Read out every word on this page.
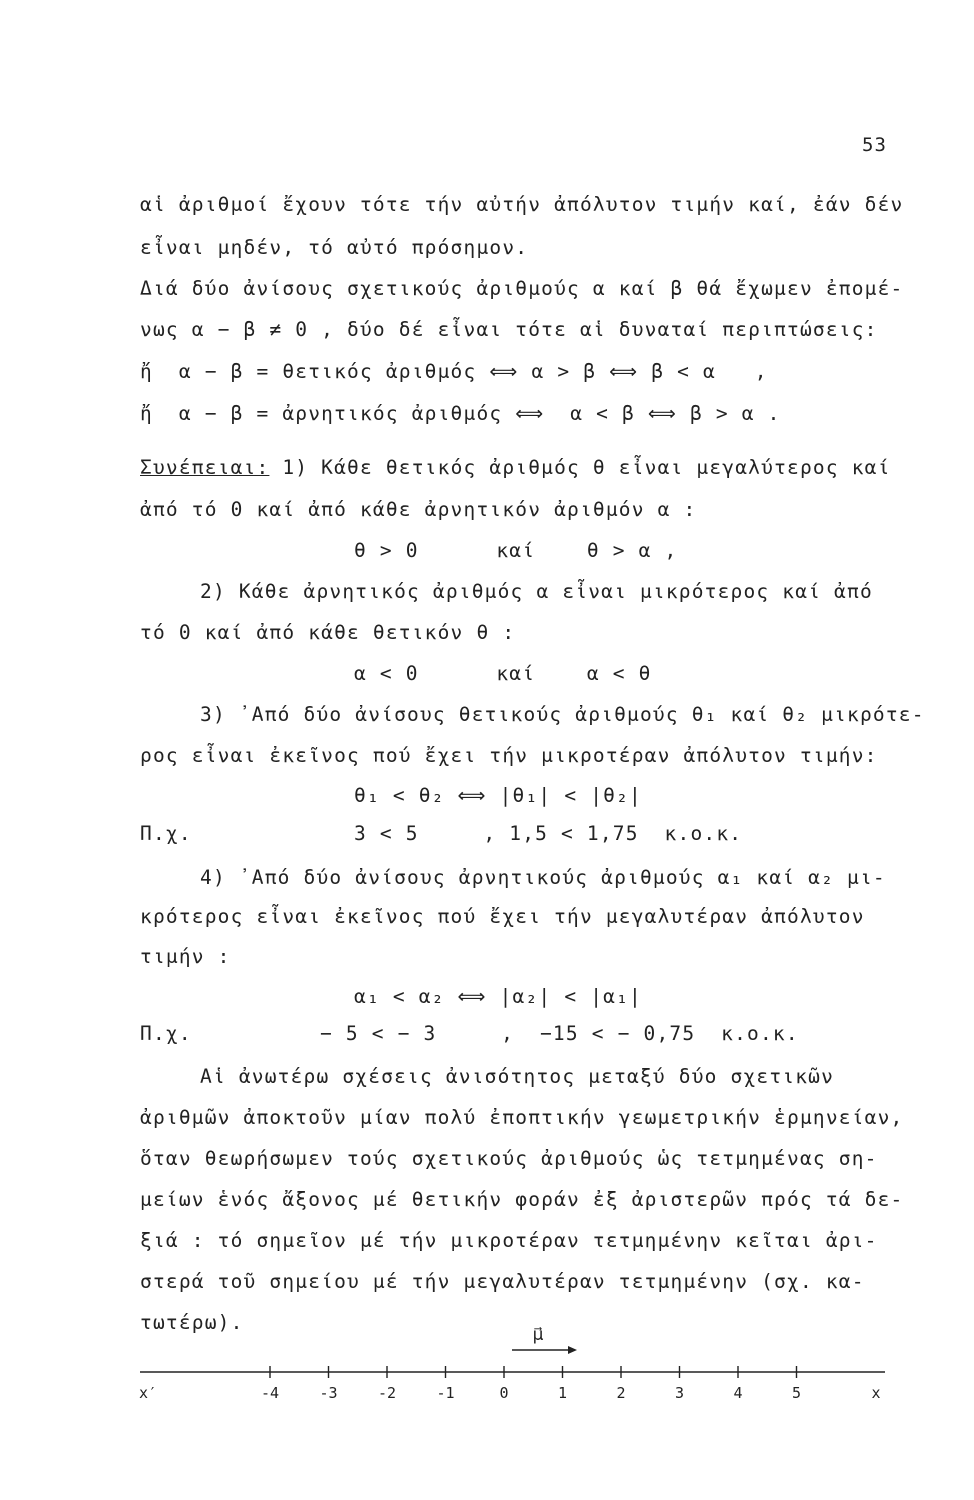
53
αἱ ἀριθμοί ἔχουν τότε τήν αὐτήν ἀπόλυτον τιμήν καί, ἐάν δέν
εἶναι μηδέν, τό αὐτό πρόσημον.
Διά δύο ἀνίσους σχετικούς ἀριθμούς α καί β θά ἔχωμεν ἐπομέ-
νως α − β ≠ 0 , δύο δέ εἶναι τότε αἱ δυναταί περιπτώσεις:
ἤ  α − β = θετικός ἀριθμός ⟺ α > β ⟺ β < α   ,
ἤ  α − β = ἀρνητικός ἀριθμός ⟺  α < β ⟺ β > α .
Συνέπειαι: 1) Κάθε θετικός ἀριθμός θ εἶναι μεγαλύτερος καί
ἀπό τό 0 καί ἀπό κάθε ἀρνητικόν ἀριθμόν α :
θ > 0      καί    θ > α ,
2) Κάθε ἀρνητικός ἀριθμός α εἶναι μικρότερος καί ἀπό
τό 0 καί ἀπό κάθε θετικόν θ :
α < 0      καί    α < θ
3) ᾽Από δύο ἀνίσους θετικούς ἀριθμούς θ₁ καί θ₂ μικρότε-
ρος εἶναι ἐκεῖνος πού ἔχει τήν μικροτέραν ἀπόλυτον τιμήν:
θ₁ < θ₂ ⟺ |θ₁| < |θ₂|
Π.χ.	3 < 5     , 1,5 < 1,75  κ.ο.κ.
4) ᾽Από δύο ἀνίσους ἀρνητικούς ἀριθμούς α₁ καί α₂ μι-
κρότερος εἶναι ἐκεῖνος πού ἔχει τήν μεγαλυτέραν ἀπόλυτον
τιμήν :
α₁ < α₂ ⟺ |α₂| < |α₁|
Π.χ.	− 5 < − 3     ,  −15 < − 0,75  κ.ο.κ.
Αἱ ἀνωτέρω σχέσεις ἀνισότητος μεταξύ δύο σχετικῶν
ἀριθμῶν ἀποκτοῦν μίαν πολύ ἐποπτικήν γεωμετρικήν ἑρμηνείαν,
ὅταν θεωρήσωμεν τούς σχετικούς ἀριθμούς ὡς τετμημένας ση-
μείων ἑνός ἄξονος μέ θετικήν φοράν ἐξ ἀριστερῶν πρός τά δε-
ξιά : τό σημεῖον μέ τήν μικροτέραν τετμημένην κεῖται ἀρι-
στερά τοῦ σημείου μέ τήν μεγαλυτέραν τετμημένην (σχ. κα-
τωτέρω).
μ⃗
x′	x
-4	-3	-2	-1	0	1	2	3	4	5
